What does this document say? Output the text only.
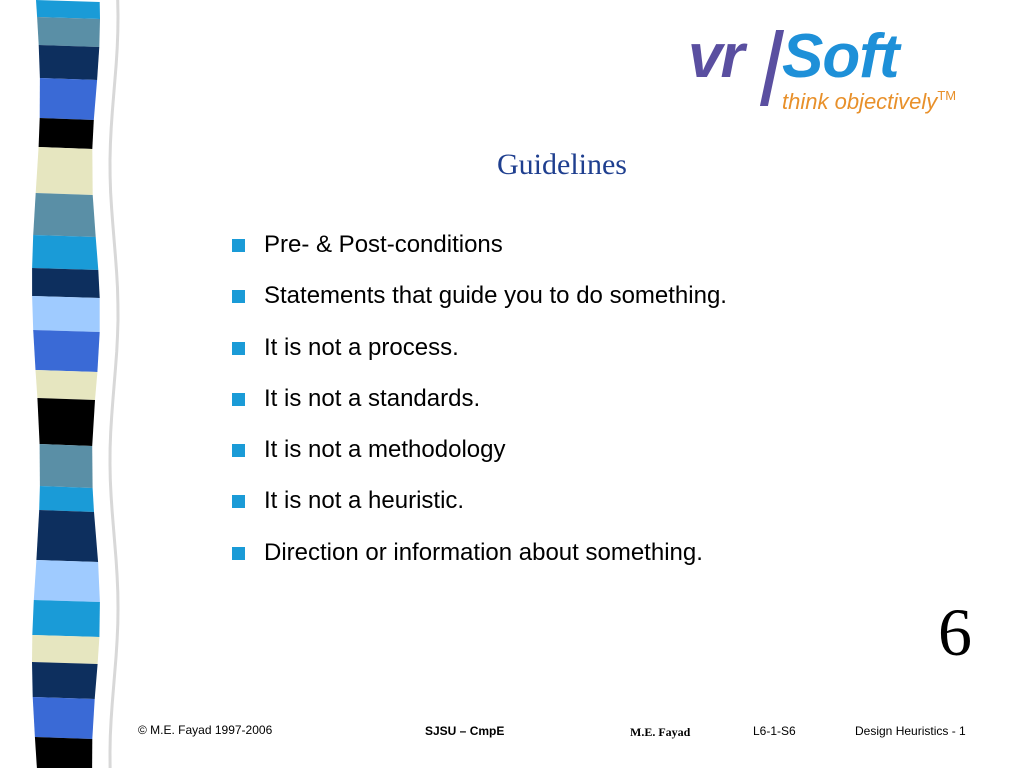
vr Soft
think objectively™
Guidelines
Pre- & Post-conditions
Statements that guide you to do something.
It is not a process.
It is not a standards.
It is not a methodology
It is not a heuristic.
Direction or information about something.
6
© M.E. Fayad 1997-2006	SJSU – CmpE	M.E. Fayad	L6-1-S6	Design Heuristics - 1
